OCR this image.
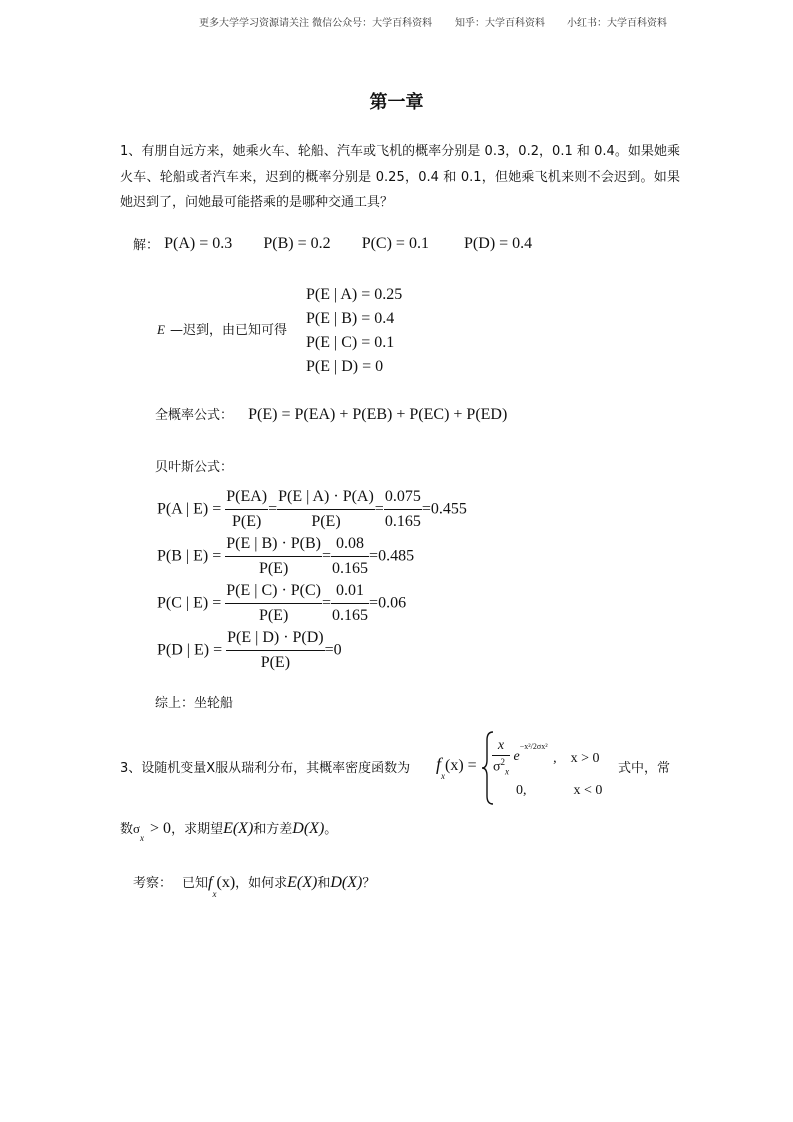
更多大学学习资源请关注 微信公众号：大学百科资料 知乎：大学百科资料 小红书：大学百科资料
第一章
1、有朋自远方来，她乘火车、轮船、汽车或飞机的概率分别是 0.3，0.2，0.1 和 0.4。如果她乘火车、轮船或者汽车来，迟到的概率分别是 0.25，0.4 和 0.1，但她乘飞机来则不会迟到。如果她迟到了，问她最可能搭乘的是哪种交通工具？
解： P(A) = 0.3 P(B) = 0.2 P(C) = 0.1 P(D) = 0.4
E —迟到，由已知可得
P(E | A) = 0.25
P(E | B) = 0.4
P(E | C) = 0.1
P(E | D) = 0
全概率公式： P(E) = P(EA) + P(EB) + P(EC) + P(ED)
贝叶斯公式：
P(A | $E) = \frac{P(EA)}{P(E)} = \frac{P(E | A) \cdot P(A)}{P(E)} = \frac{0.075}{0.165} =0.455$
P(B | $E) = \frac{P(E | B) \cdot P(B)}{P(E)} = \frac{0.08}{0.165} =0.485$
P(C | $E) = \frac{P(E | C) \cdot P(C)}{P(E)} = \frac{0.01}{0.165} =0.06$
P(D | $E) = \frac{P(E | D) \cdot P(D)}{P(E)} =0$
综上：坐轮船
3、设随机变量X服从瑞利分布，其概率密度函数为 $f_x(x) = \frac{x}{\sigma^2_x} e^{-x^2/2\sigma x^2}$ ,　x > 0
0,	x < 0
式中，常
数$\sigma_x> 0$，求期望E(X)和方差D(X)。
考察： 已知$f_x(x)$，如何求E(X)和D(X)？
